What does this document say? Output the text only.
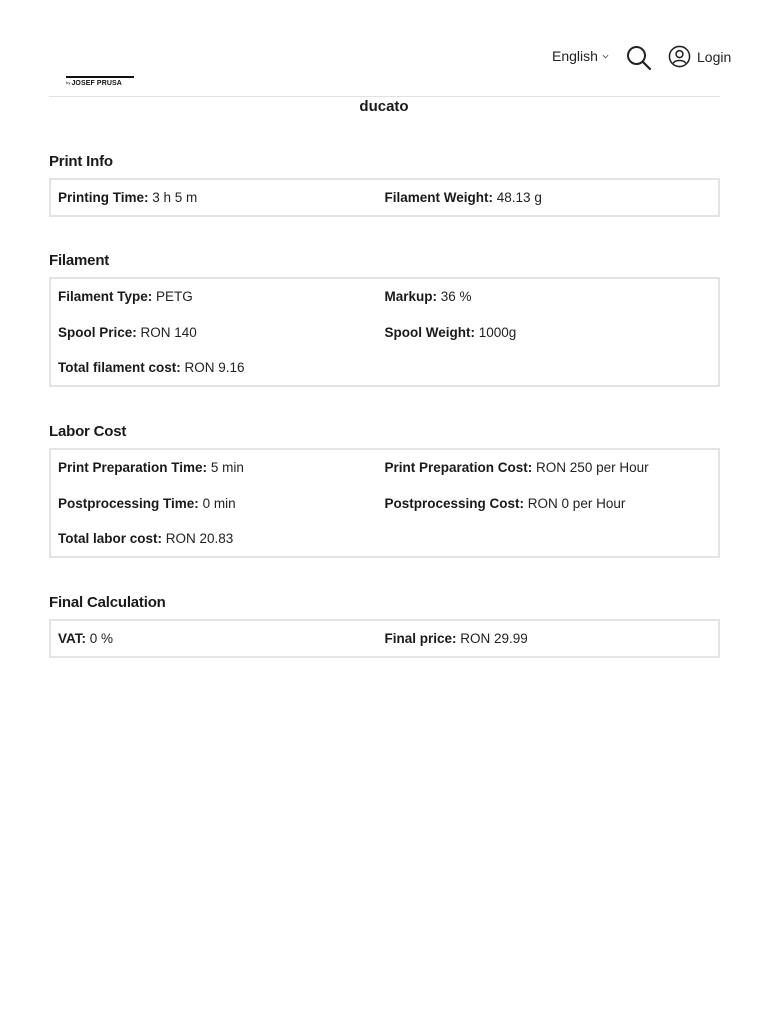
byJOSEF PRUSA
English	Login
ducato
Print Info
Printing Time: 3 h 5 m	Filament Weight: 48.13 g
Filament
Filament Type: PETG	Markup: 36 %
Spool Price: RON 140	Spool Weight: 1000g
Total filament cost: RON 9.16
Labor Cost
Print Preparation Time: 5 min	Print Preparation Cost: RON 250 per Hour
Postprocessing Time: 0 min	Postprocessing Cost: RON 0 per Hour
Total labor cost: RON 20.83
Final Calculation
VAT: 0 %	Final price: RON 29.99
